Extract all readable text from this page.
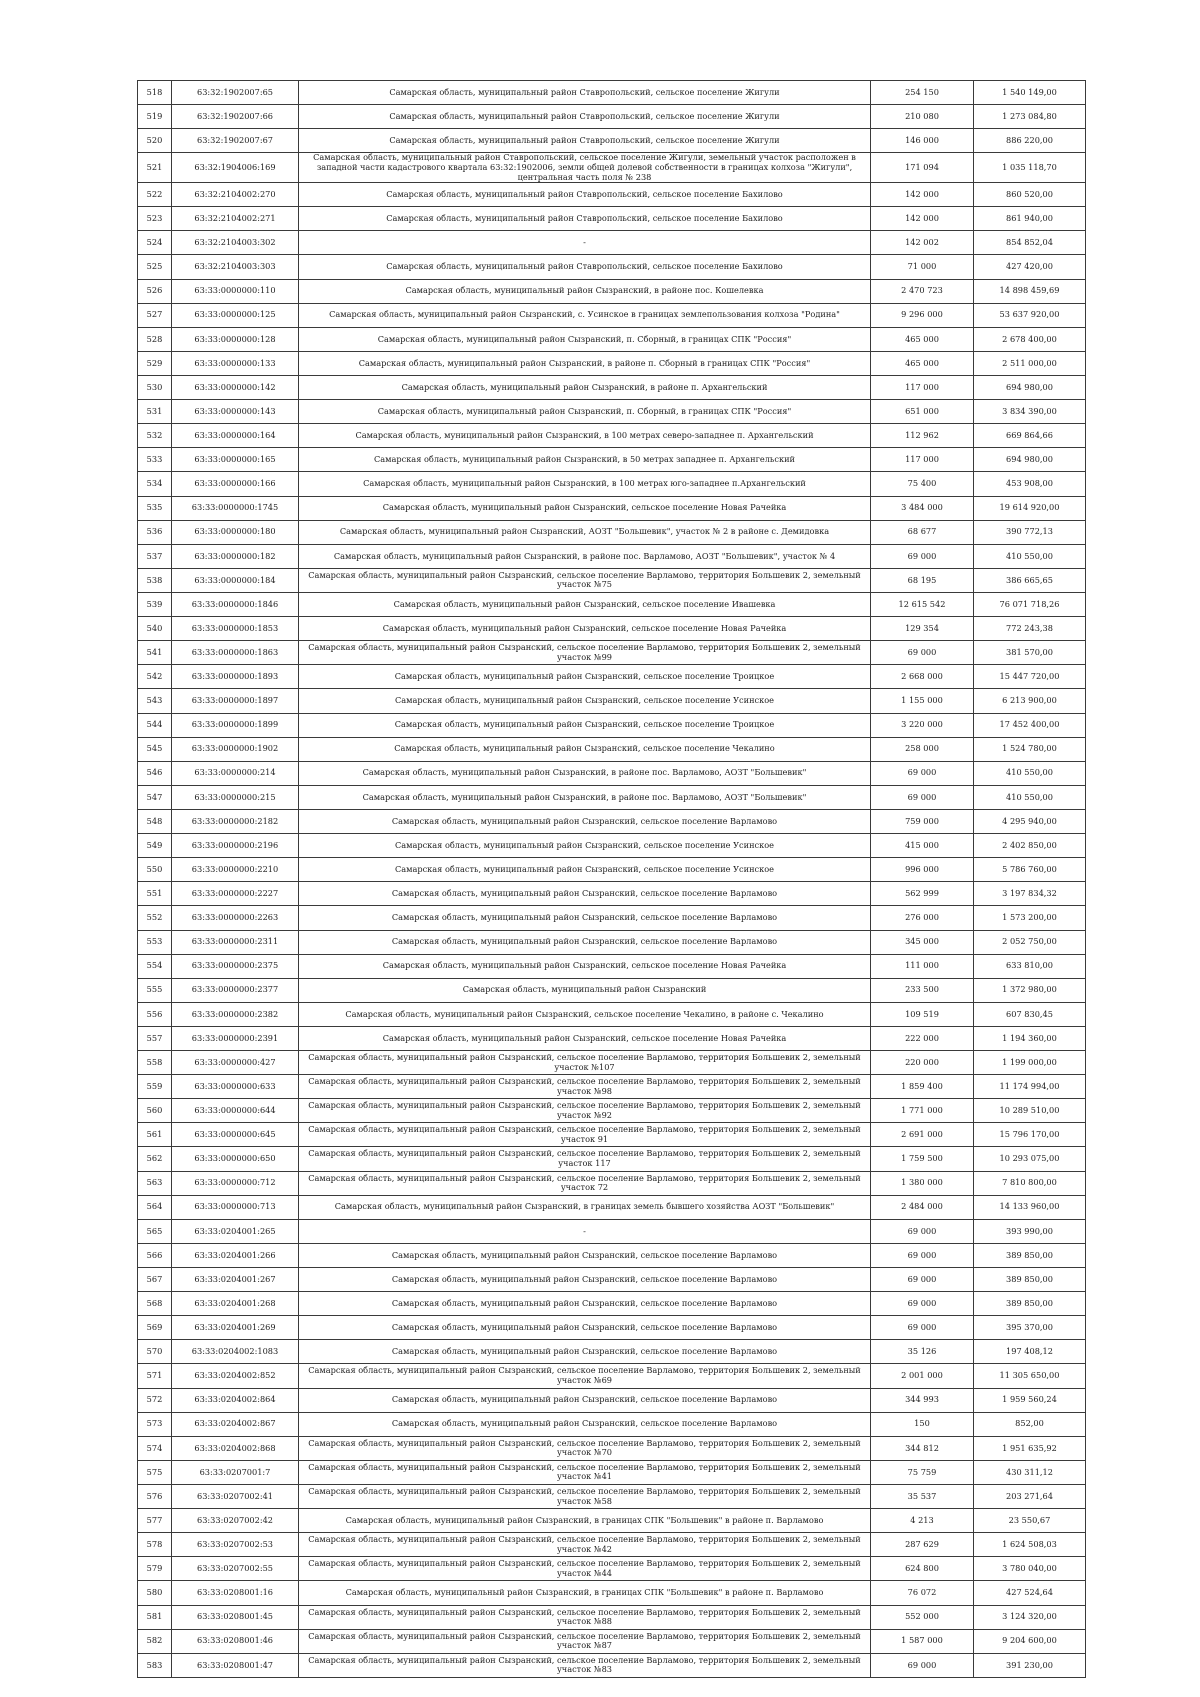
518	63:32:1902007:65	Самарская область, муниципальный район Ставропольский, сельское поселение Жигули	254 150	1 540 149,00
519	63:32:1902007:66	Самарская область, муниципальный район Ставропольский, сельское поселение Жигули	210 080	1 273 084,80
520	63:32:1902007:67	Самарская область, муниципальный район Ставропольский, сельское поселение Жигули	146 000	886 220,00
521	63:32:1904006:169	Самарская область, муниципальный район Ставропольский, сельское поселение Жигули, земельный участок расположен в западной части кадастрового квартала 63:32:1902006, земли общей долевой собственности в границах колхоза "Жигули", центральная часть поля № 238	171 094	1 035 118,70
522	63:32:2104002:270	Самарская область, муниципальный район Ставропольский, сельское поселение Бахилово	142 000	860 520,00
523	63:32:2104002:271	Самарская область, муниципальный район Ставропольский, сельское поселение Бахилово	142 000	861 940,00
524	63:32:2104003:302	-	142 002	854 852,04
525	63:32:2104003:303	Самарская область, муниципальный район Ставропольский, сельское поселение Бахилово	71 000	427 420,00
526	63:33:0000000:110	Самарская область, муниципальный район Сызранский, в районе пос. Кошелевка	2 470 723	14 898 459,69
527	63:33:0000000:125	Самарская область, муниципальный район Сызранский, с. Усинское в границах землепользования колхоза "Родина"	9 296 000	53 637 920,00
528	63:33:0000000:128	Самарская область, муниципальный район Сызранский, п. Сборный, в границах СПК "Россия"	465 000	2 678 400,00
529	63:33:0000000:133	Самарская область, муниципальный район Сызранский, в районе п. Сборный в границах СПК "Россия"	465 000	2 511 000,00
530	63:33:0000000:142	Самарская область, муниципальный район Сызранский, в районе п. Архангельский	117 000	694 980,00
531	63:33:0000000:143	Самарская область, муниципальный район Сызранский, п. Сборный, в границах СПК "Россия"	651 000	3 834 390,00
532	63:33:0000000:164	Самарская область, муниципальный район Сызранский, в 100 метрах северо-западнее п. Архангельский	112 962	669 864,66
533	63:33:0000000:165	Самарская область, муниципальный район Сызранский, в 50 метрах западнее п. Архангельский	117 000	694 980,00
534	63:33:0000000:166	Самарская область, муниципальный район Сызранский, в 100 метрах юго-западнее п.Архангельский	75 400	453 908,00
535	63:33:0000000:1745	Самарская область, муниципальный район Сызранский, сельское поселение Новая Рачейка	3 484 000	19 614 920,00
536	63:33:0000000:180	Самарская область, муниципальный район Сызранский, АОЗТ "Большевик", участок № 2 в районе с. Демидовка	68 677	390 772,13
537	63:33:0000000:182	Самарская область, муниципальный район Сызранский, в районе пос. Варламово, АОЗТ "Большевик", участок № 4	69 000	410 550,00
538	63:33:0000000:184	Самарская область, муниципальный район Сызранский, сельское поселение Варламово, территория Большевик 2, земельный участок №75	68 195	386 665,65
539	63:33:0000000:1846	Самарская область, муниципальный район Сызранский, сельское поселение Ивашевка	12 615 542	76 071 718,26
540	63:33:0000000:1853	Самарская область, муниципальный район Сызранский, сельское поселение Новая Рачейка	129 354	772 243,38
541	63:33:0000000:1863	Самарская область, муниципальный район Сызранский, сельское поселение Варламово, территория Большевик 2, земельный участок №99	69 000	381 570,00
542	63:33:0000000:1893	Самарская область, муниципальный район Сызранский, сельское поселение Троицкое	2 668 000	15 447 720,00
543	63:33:0000000:1897	Самарская область, муниципальный район Сызранский, сельское поселение Усинское	1 155 000	6 213 900,00
544	63:33:0000000:1899	Самарская область, муниципальный район Сызранский, сельское поселение Троицкое	3 220 000	17 452 400,00
545	63:33:0000000:1902	Самарская область, муниципальный район Сызранский, сельское поселение Чекалино	258 000	1 524 780,00
546	63:33:0000000:214	Самарская область, муниципальный район Сызранский, в районе пос. Варламово, АОЗТ "Большевик"	69 000	410 550,00
547	63:33:0000000:215	Самарская область, муниципальный район Сызранский, в районе пос. Варламово, АОЗТ "Большевик"	69 000	410 550,00
548	63:33:0000000:2182	Самарская область, муниципальный район Сызранский, сельское поселение Варламово	759 000	4 295 940,00
549	63:33:0000000:2196	Самарская область, муниципальный район Сызранский, сельское поселение Усинское	415 000	2 402 850,00
550	63:33:0000000:2210	Самарская область, муниципальный район Сызранский, сельское поселение Усинское	996 000	5 786 760,00
551	63:33:0000000:2227	Самарская область, муниципальный район Сызранский, сельское поселение Варламово	562 999	3 197 834,32
552	63:33:0000000:2263	Самарская область, муниципальный район Сызранский, сельское поселение Варламово	276 000	1 573 200,00
553	63:33:0000000:2311	Самарская область, муниципальный район Сызранский, сельское поселение Варламово	345 000	2 052 750,00
554	63:33:0000000:2375	Самарская область, муниципальный район Сызранский, сельское поселение Новая Рачейка	111 000	633 810,00
555	63:33:0000000:2377	Самарская область, муниципальный район Сызранский	233 500	1 372 980,00
556	63:33:0000000:2382	Самарская область, муниципальный район Сызранский, сельское поселение Чекалино, в районе с. Чекалино	109 519	607 830,45
557	63:33:0000000:2391	Самарская область, муниципальный район Сызранский, сельское поселение Новая Рачейка	222 000	1 194 360,00
558	63:33:0000000:427	Самарская область, муниципальный район Сызранский, сельское поселение Варламово, территория Большевик 2, земельный участок №107	220 000	1 199 000,00
559	63:33:0000000:633	Самарская область, муниципальный район Сызранский, сельское поселение Варламово, территория Большевик 2, земельный участок №98	1 859 400	11 174 994,00
560	63:33:0000000:644	Самарская область, муниципальный район Сызранский, сельское поселение Варламово, территория Большевик 2, земельный участок №92	1 771 000	10 289 510,00
561	63:33:0000000:645	Самарская область, муниципальный район Сызранский, сельское поселение Варламово, территория Большевик 2, земельный участок 91	2 691 000	15 796 170,00
562	63:33:0000000:650	Самарская область, муниципальный район Сызранский, сельское поселение Варламово, территория Большевик 2, земельный участок 117	1 759 500	10 293 075,00
563	63:33:0000000:712	Самарская область, муниципальный район Сызранский, сельское поселение Варламово, территория Большевик 2, земельный участок 72	1 380 000	7 810 800,00
564	63:33:0000000:713	Самарская область, муниципальный район Сызранский, в границах земель бывшего хозяйства АОЗТ "Большевик"	2 484 000	14 133 960,00
565	63:33:0204001:265	-	69 000	393 990,00
566	63:33:0204001:266	Самарская область, муниципальный район Сызранский, сельское поселение Варламово	69 000	389 850,00
567	63:33:0204001:267	Самарская область, муниципальный район Сызранский, сельское поселение Варламово	69 000	389 850,00
568	63:33:0204001:268	Самарская область, муниципальный район Сызранский, сельское поселение Варламово	69 000	389 850,00
569	63:33:0204001:269	Самарская область, муниципальный район Сызранский, сельское поселение Варламово	69 000	395 370,00
570	63:33:0204002:1083	Самарская область, муниципальный район Сызранский, сельское поселение Варламово	35 126	197 408,12
571	63:33:0204002:852	Самарская область, муниципальный район Сызранский, сельское поселение Варламово, территория Большевик 2, земельный участок №69	2 001 000	11 305 650,00
572	63:33:0204002:864	Самарская область, муниципальный район Сызранский, сельское поселение Варламово	344 993	1 959 560,24
573	63:33:0204002:867	Самарская область, муниципальный район Сызранский, сельское поселение Варламово	150	852,00
574	63:33:0204002:868	Самарская область, муниципальный район Сызранский, сельское поселение Варламово, территория Большевик 2, земельный участок №70	344 812	1 951 635,92
575	63:33:0207001:7	Самарская область, муниципальный район Сызранский, сельское поселение Варламово, территория Большевик 2, земельный участок №41	75 759	430 311,12
576	63:33:0207002:41	Самарская область, муниципальный район Сызранский, сельское поселение Варламово, территория Большевик 2, земельный участок №58	35 537	203 271,64
577	63:33:0207002:42	Самарская область, муниципальный район Сызранский, в границах СПК "Большевик" в районе п. Варламово	4 213	23 550,67
578	63:33:0207002:53	Самарская область, муниципальный район Сызранский, сельское поселение Варламово, территория Большевик 2, земельный участок №42	287 629	1 624 508,03
579	63:33:0207002:55	Самарская область, муниципальный район Сызранский, сельское поселение Варламово, территория Большевик 2, земельный участок №44	624 800	3 780 040,00
580	63:33:0208001:16	Самарская область, муниципальный район Сызранский, в границах СПК "Большевик" в районе п. Варламово	76 072	427 524,64
581	63:33:0208001:45	Самарская область, муниципальный район Сызранский, сельское поселение Варламово, территория Большевик 2, земельный участок №88	552 000	3 124 320,00
582	63:33:0208001:46	Самарская область, муниципальный район Сызранский, сельское поселение Варламово, территория Большевик 2, земельный участок №87	1 587 000	9 204 600,00
583	63:33:0208001:47	Самарская область, муниципальный район Сызранский, сельское поселение Варламово, территория Большевик 2, земельный участок №83	69 000	391 230,00
